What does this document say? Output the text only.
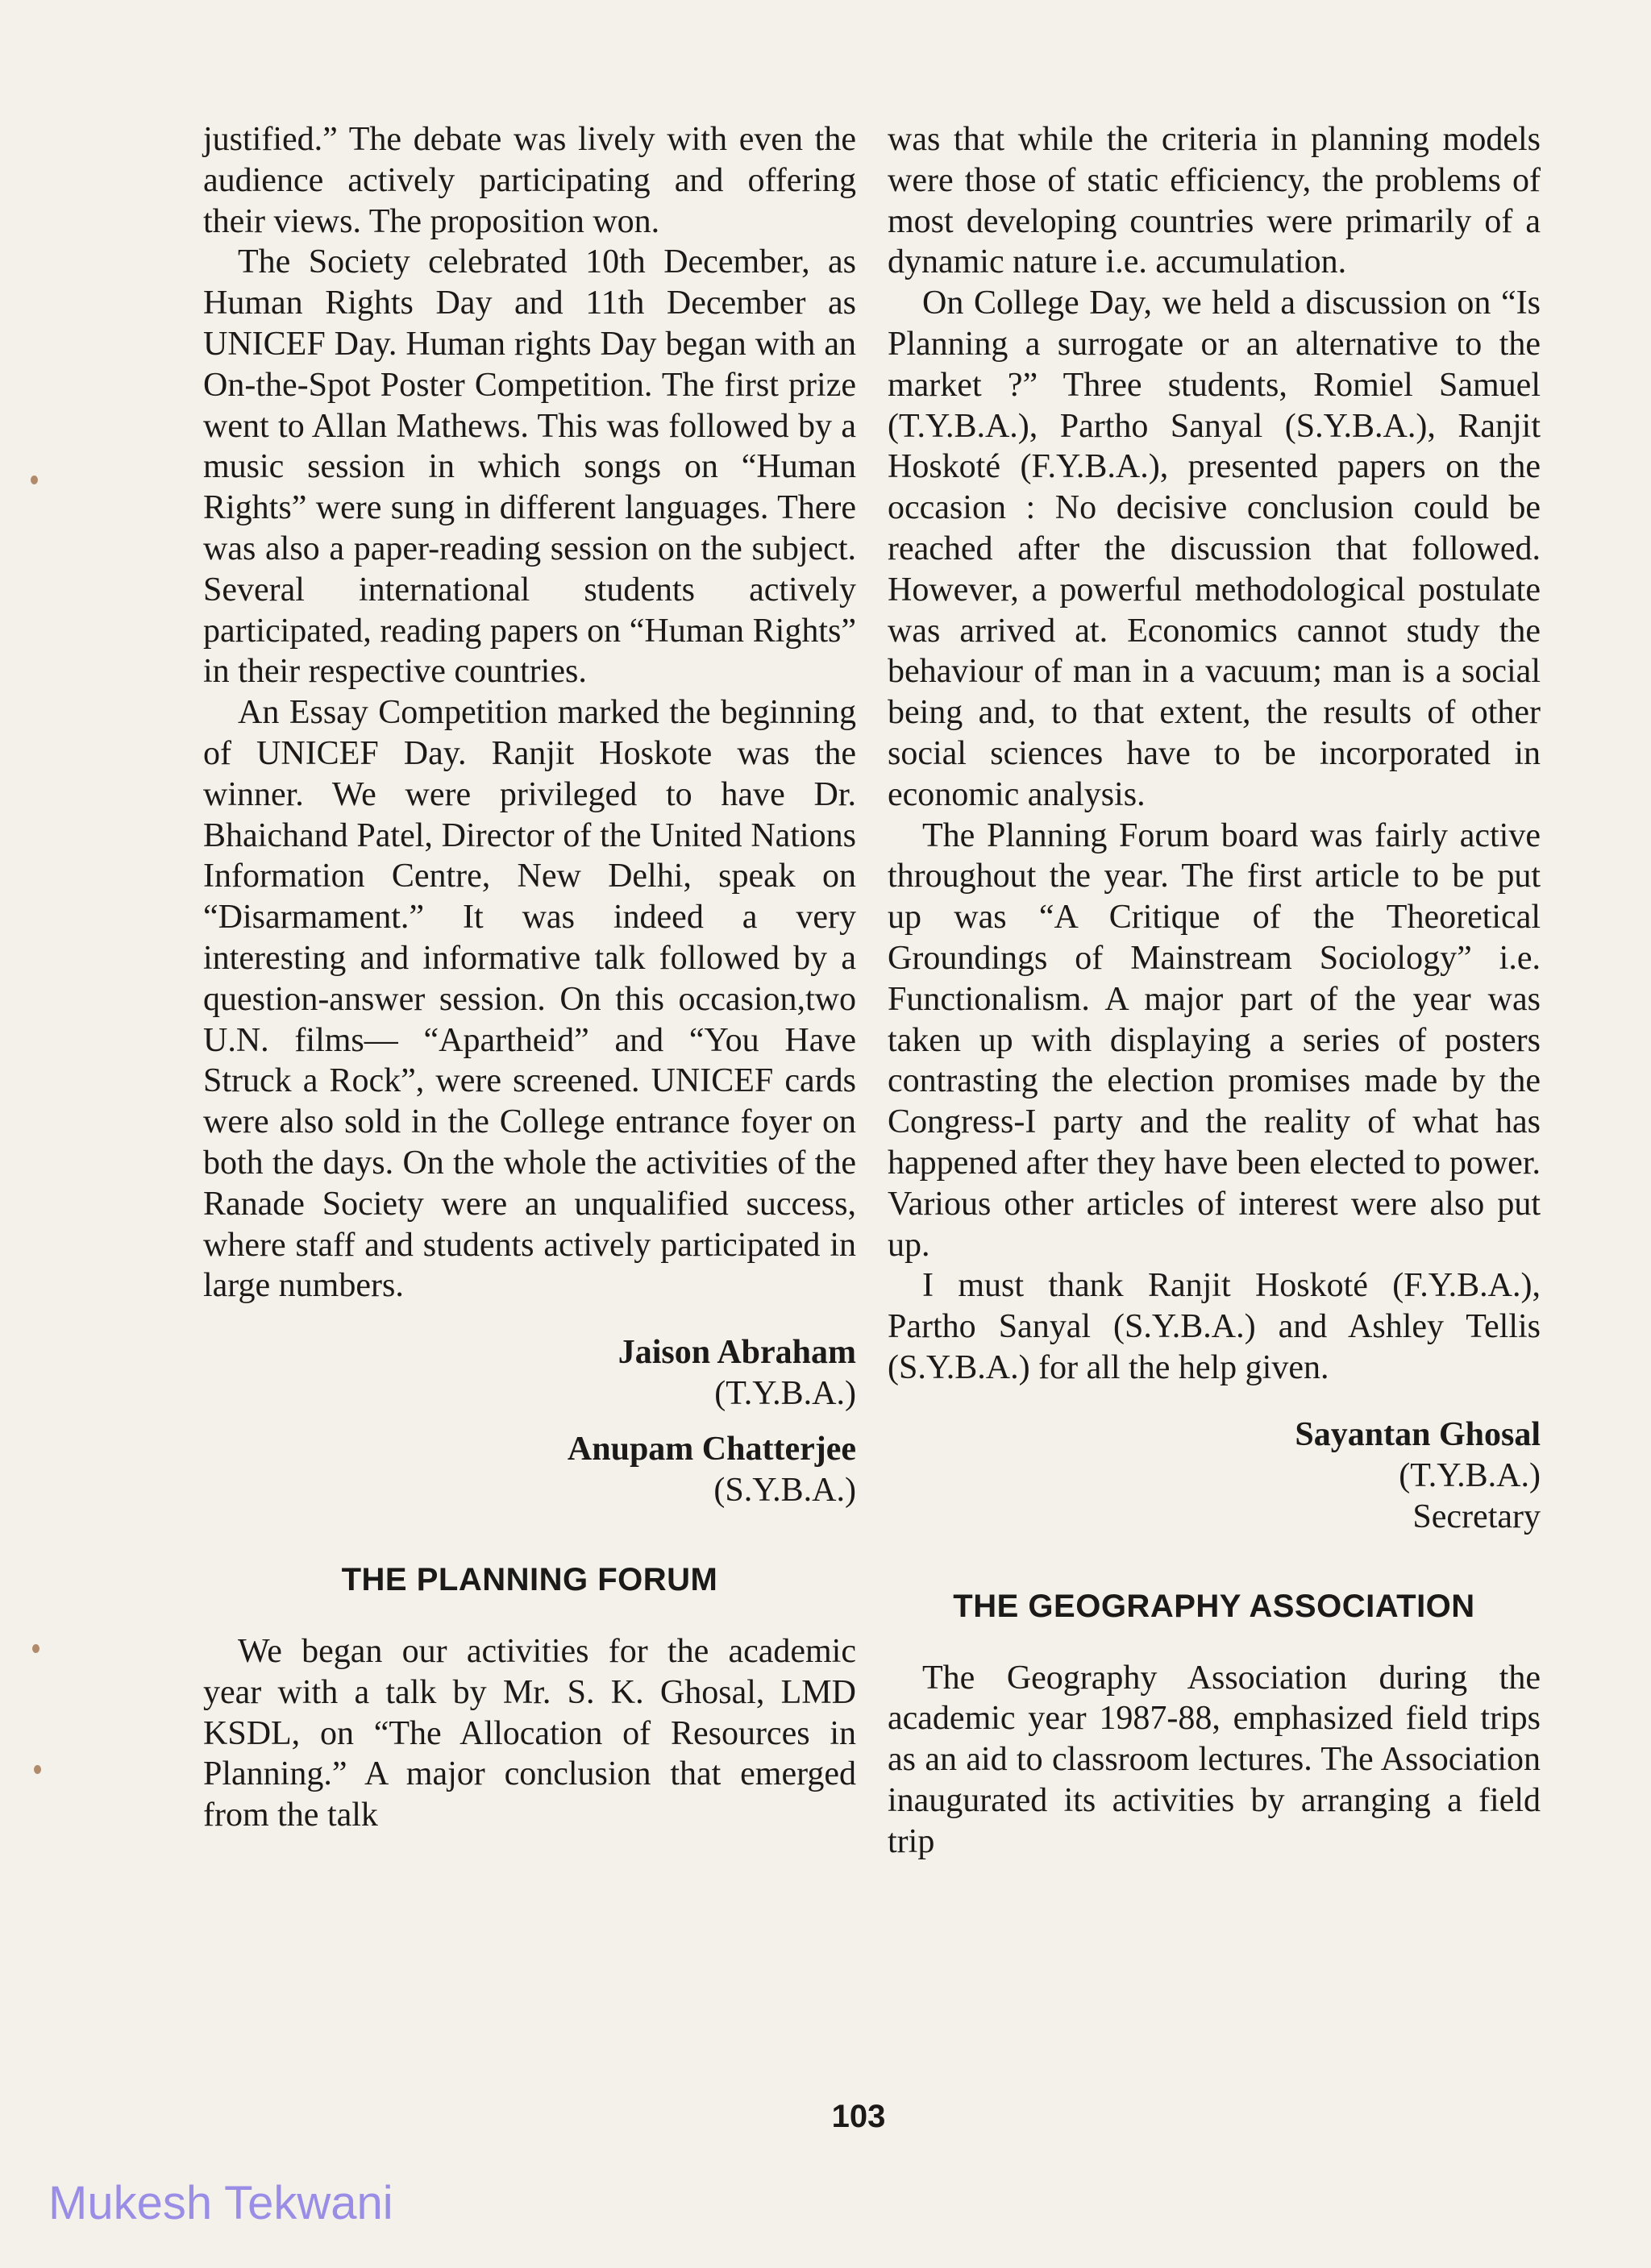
justified.” The debate was lively with even the audience actively participating and offering their views. The proposition won.

The Society celebrated 10th December, as Human Rights Day and 11th December as UNICEF Day. Human rights Day began with an On-the-Spot Poster Competition. The first prize went to Allan Mathews. This was followed by a music session in which songs on “Human Rights” were sung in different languages. There was also a paper-reading session on the subject. Several international students actively participated, reading papers on “Human Rights” in their respective countries.

An Essay Competition marked the beginning of UNICEF Day. Ranjit Hoskote was the winner. We were privileged to have Dr. Bhaichand Patel, Director of the United Nations Information Centre, New Delhi, speak on “Disarmament.” It was indeed a very interesting and informative talk followed by a question-answer session. On this occasion,two U.N. films— “Apartheid” and “You Have Struck a Rock”, were screened. UNICEF cards were also sold in the College entrance foyer on both the days. On the whole the activities of the Ranade Society were an unqualified success, where staff and students actively participated in large numbers.

Jaison Abraham
(T.Y.B.A.)
Anupam Chatterjee
(S.Y.B.A.)
THE PLANNING FORUM

We began our activities for the academic year with a talk by Mr. S. K. Ghosal, LMD KSDL, on “The Allocation of Resources in Planning.” A major conclusion that emerged from the talk

was that while the criteria in planning models were those of static efficiency, the problems of most developing countries were primarily of a dynamic nature i.e. accumulation.

On College Day, we held a discussion on “Is Planning a surrogate or an alternative to the market ?” Three students, Romiel Samuel (T.Y.B.A.), Partho Sanyal (S.Y.B.A.), Ranjit Hoskoté (F.Y.B.A.), presented papers on the occasion : No decisive conclusion could be reached after the discussion that followed. However, a powerful methodological postulate was arrived at. Economics cannot study the behaviour of man in a vacuum; man is a social being and, to that extent, the results of other social sciences have to be incorporated in economic analysis.

The Planning Forum board was fairly active throughout the year. The first article to be put up was “A Critique of the Theoretical Groundings of Mainstream Sociology” i.e. Functionalism. A major part of the year was taken up with displaying a series of posters contrasting the election promises made by the Congress-I party and the reality of what has happened after they have been elected to power. Various other articles of interest were also put up.

I must thank Ranjit Hoskoté (F.Y.B.A.), Partho Sanyal (S.Y.B.A.) and Ashley Tellis (S.Y.B.A.) for all the help given.

Sayantan Ghosal
(T.Y.B.A.)
Secretary
THE GEOGRAPHY ASSOCIATION

The Geography Association during the academic year 1987-88, emphasized field trips as an aid to classroom lectures. The Association inaugurated its activities by arranging a field trip

103
Mukesh Tekwani
